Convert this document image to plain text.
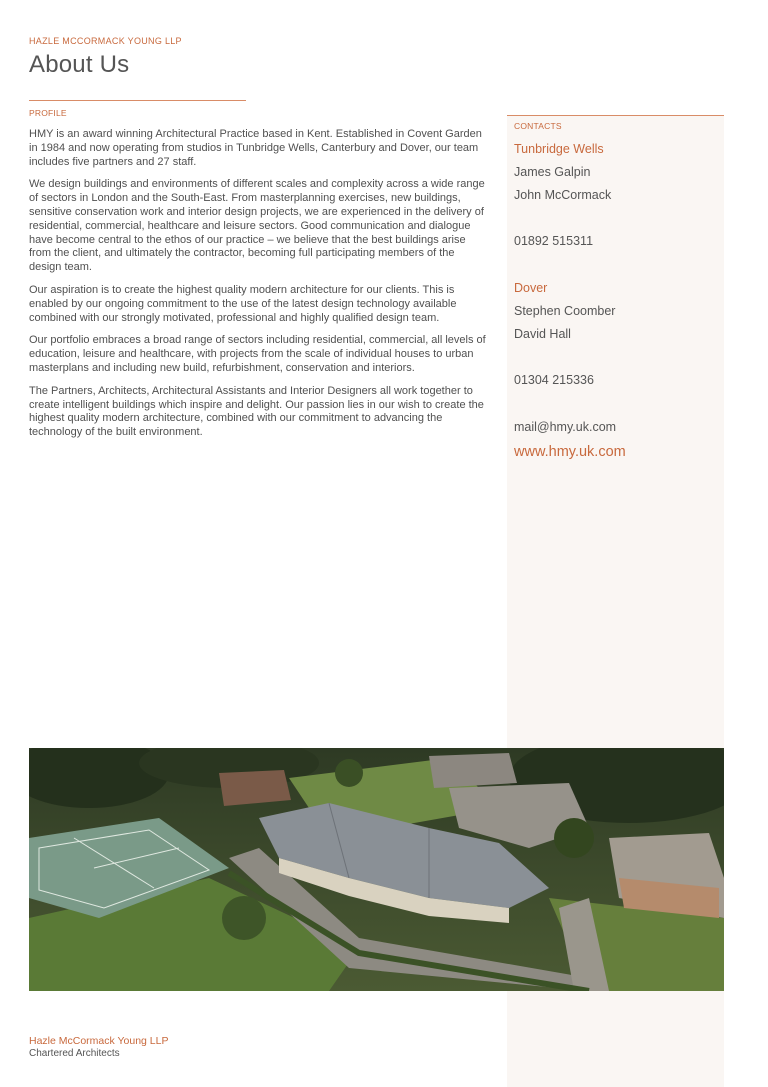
HAZLE MCCORMACK YOUNG LLP
About Us
PROFILE

HMY is an award winning Architectural Practice based in Kent. Established in Covent Garden in 1984 and now operating from studios in Tunbridge Wells, Canterbury and Dover, our team includes five partners and 27 staff.

We design buildings and environments of different scales and complexity across a wide range of sectors in London and the South-East. From masterplanning exercises, new buildings, sensitive conservation work and interior design projects, we are experienced in the delivery of residential, commercial, healthcare and leisure sectors. Good communication and dialogue have become central to the ethos of our practice – we believe that the best buildings arise from the client, and ultimately the contractor, becoming full participating members of the design team.

Our aspiration is to create the highest quality modern architecture for our clients. This is enabled by our ongoing commitment to the use of the latest design technology available combined with our strongly motivated, professional and highly qualified design team.

Our portfolio embraces a broad range of sectors including residential, commercial, all levels of education, leisure and healthcare, with projects from the scale of individual houses to urban masterplans and including new build, refurbishment, conservation and interiors.

The Partners, Architects, Architectural Assistants and Interior Designers all work together to create intelligent buildings which inspire and delight. Our passion lies in our wish to create the highest quality modern architecture, combined with our commitment to advancing the technology of the built environment.

CONTACTS
Tunbridge Wells
James Galpin
John McCormack
01892 515311
Dover
Stephen Coomber
David Hall
01304 215336
mail@hmy.uk.com
www.hmy.uk.com
Hazle McCormack Young LLP
Chartered Architects
